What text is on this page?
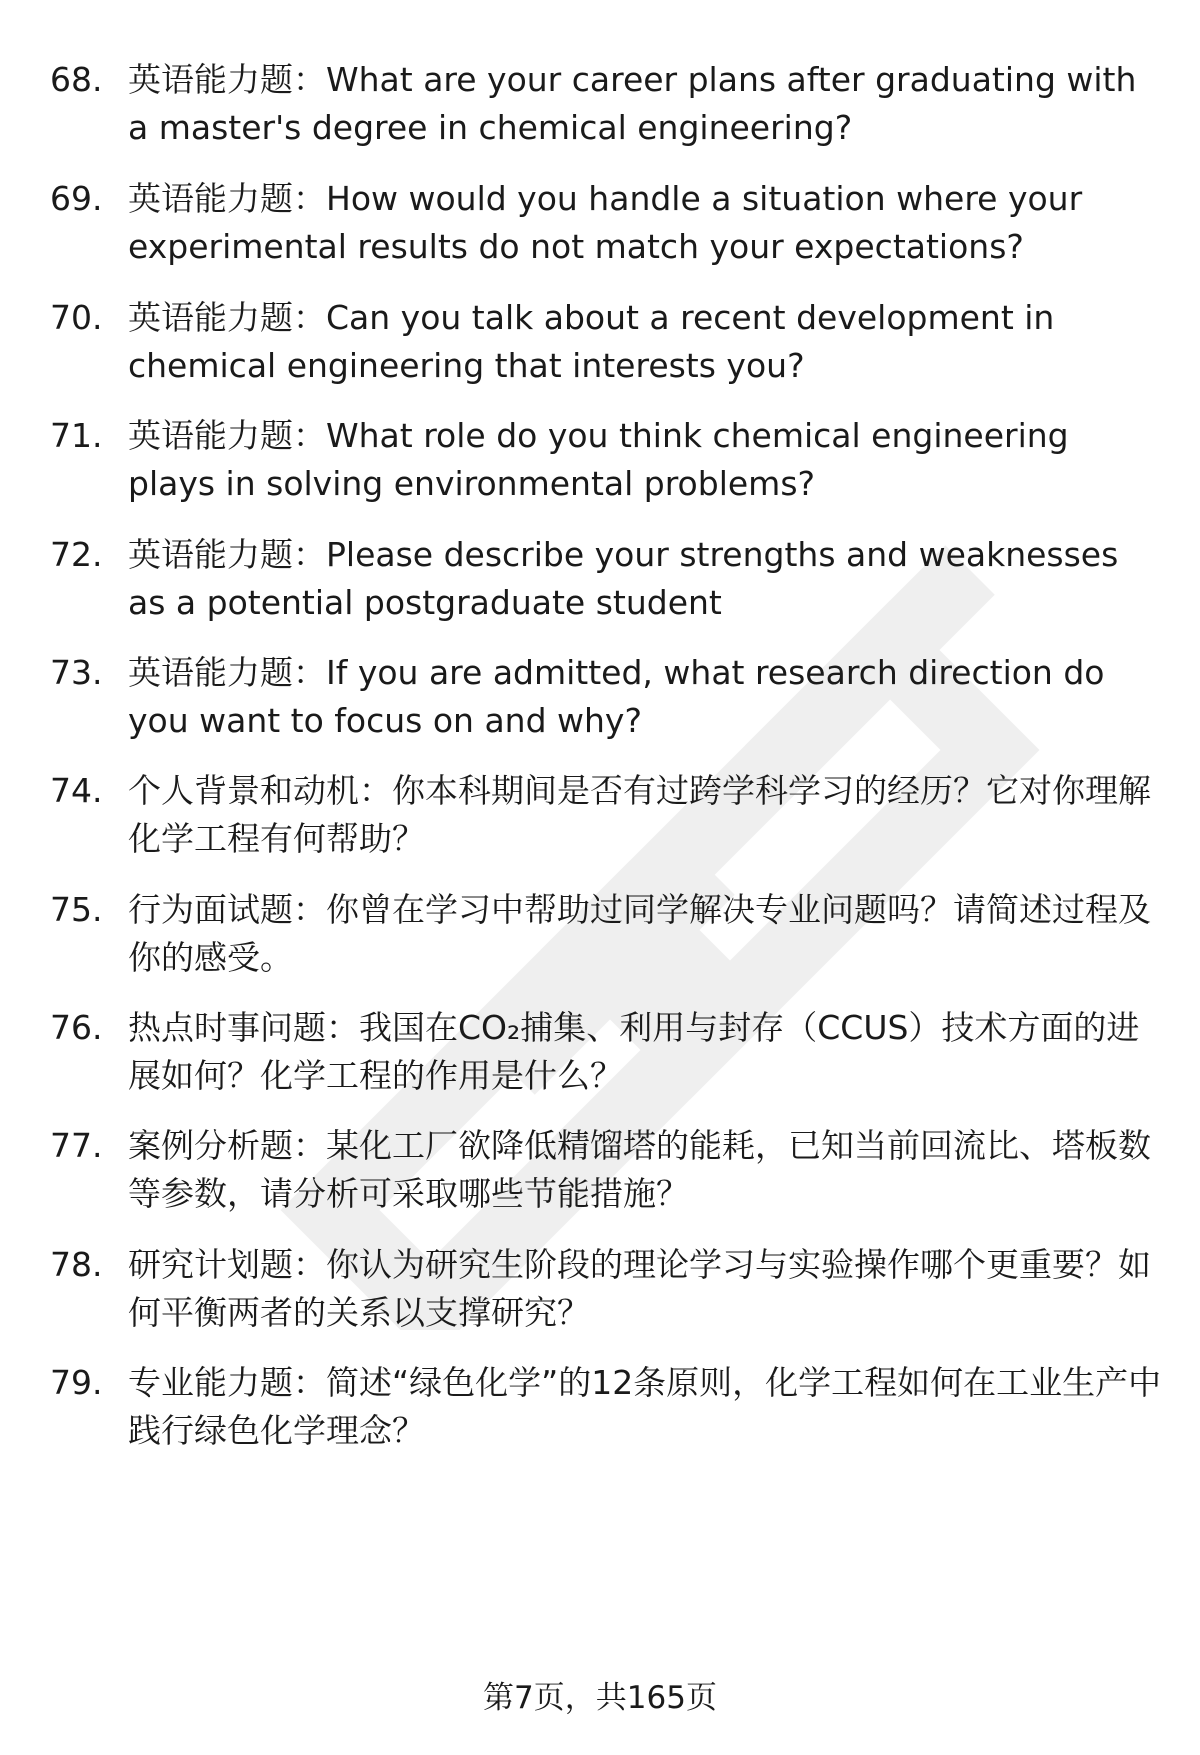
68. 英语能力题：What are your career plans after graduating with a master's degree in chemical engineering?
69. 英语能力题：How would you handle a situation where your experimental results do not match your expectations?
70. 英语能力题：Can you talk about a recent development in chemical engineering that interests you?
71. 英语能力题：What role do you think chemical engineering plays in solving environmental problems?
72. 英语能力题：Please describe your strengths and weaknesses as a potential postgraduate student
73. 英语能力题：If you are admitted, what research direction do you want to focus on and why?
74. 个人背景和动机：你本科期间是否有过跨学科学习的经历？它对你理解化学工程有何帮助？
75. 行为面试题：你曾在学习中帮助过同学解决专业问题吗？请简述过程及你的感受。
76. 热点时事问题：我国在CO₂捕集、利用与封存（CCUS）技术方面的进展如何？化学工程的作用是什么？
77. 案例分析题：某化工厂欲降低精馏塔的能耗，已知当前回流比、塔板数等参数，请分析可采取哪些节能措施？
78. 研究计划题：你认为研究生阶段的理论学习与实验操作哪个更重要？如何平衡两者的关系以支撑研究？
79. 专业能力题：简述“绿色化学”的12条原则，化学工程如何在工业生产中践行绿色化学理念？
第7页，共165页
